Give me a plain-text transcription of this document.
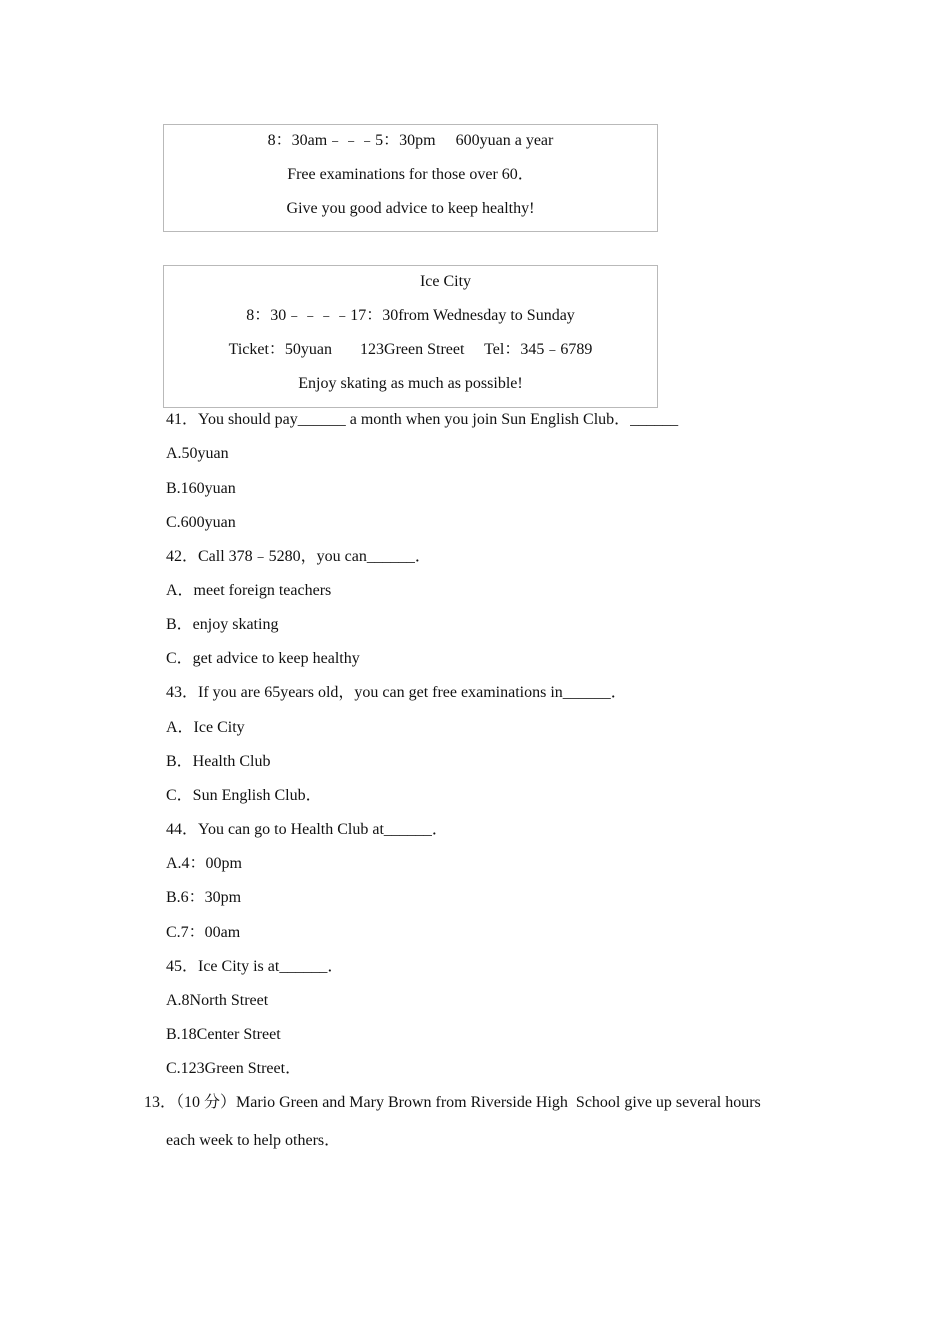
8：30am﹣﹣﹣5：30pm     600yuan a year
Free examinations for those over 60．
Give you good advice to keep healthy!
Ice City
8：30﹣﹣﹣﹣17：30from Wednesday to Sunday
Ticket：50yuan       123Green Street     Tel：345﹣6789
Enjoy skating as much as possible!
41．You should pay______ a month when you join Sun English Club．______
A.50yuan
B.160yuan
C.600yuan
42．Call 378﹣5280，you can______．
A．meet foreign teachers
B．enjoy skating
C．get advice to keep healthy
43．If you are 65years old，you can get free examinations in______．
A．Ice City
B．Health Club
C．Sun English Club．
44．You can go to Health Club at______．
A.4：00pm
B.6：30pm
C.7：00am
45．Ice City is at______．
A.8North Street
B.18Center Street
C.123Green Street．
13．（10 分）Mario Green and Mary Brown from Riverside High  School give up several hours
each week to help others．
